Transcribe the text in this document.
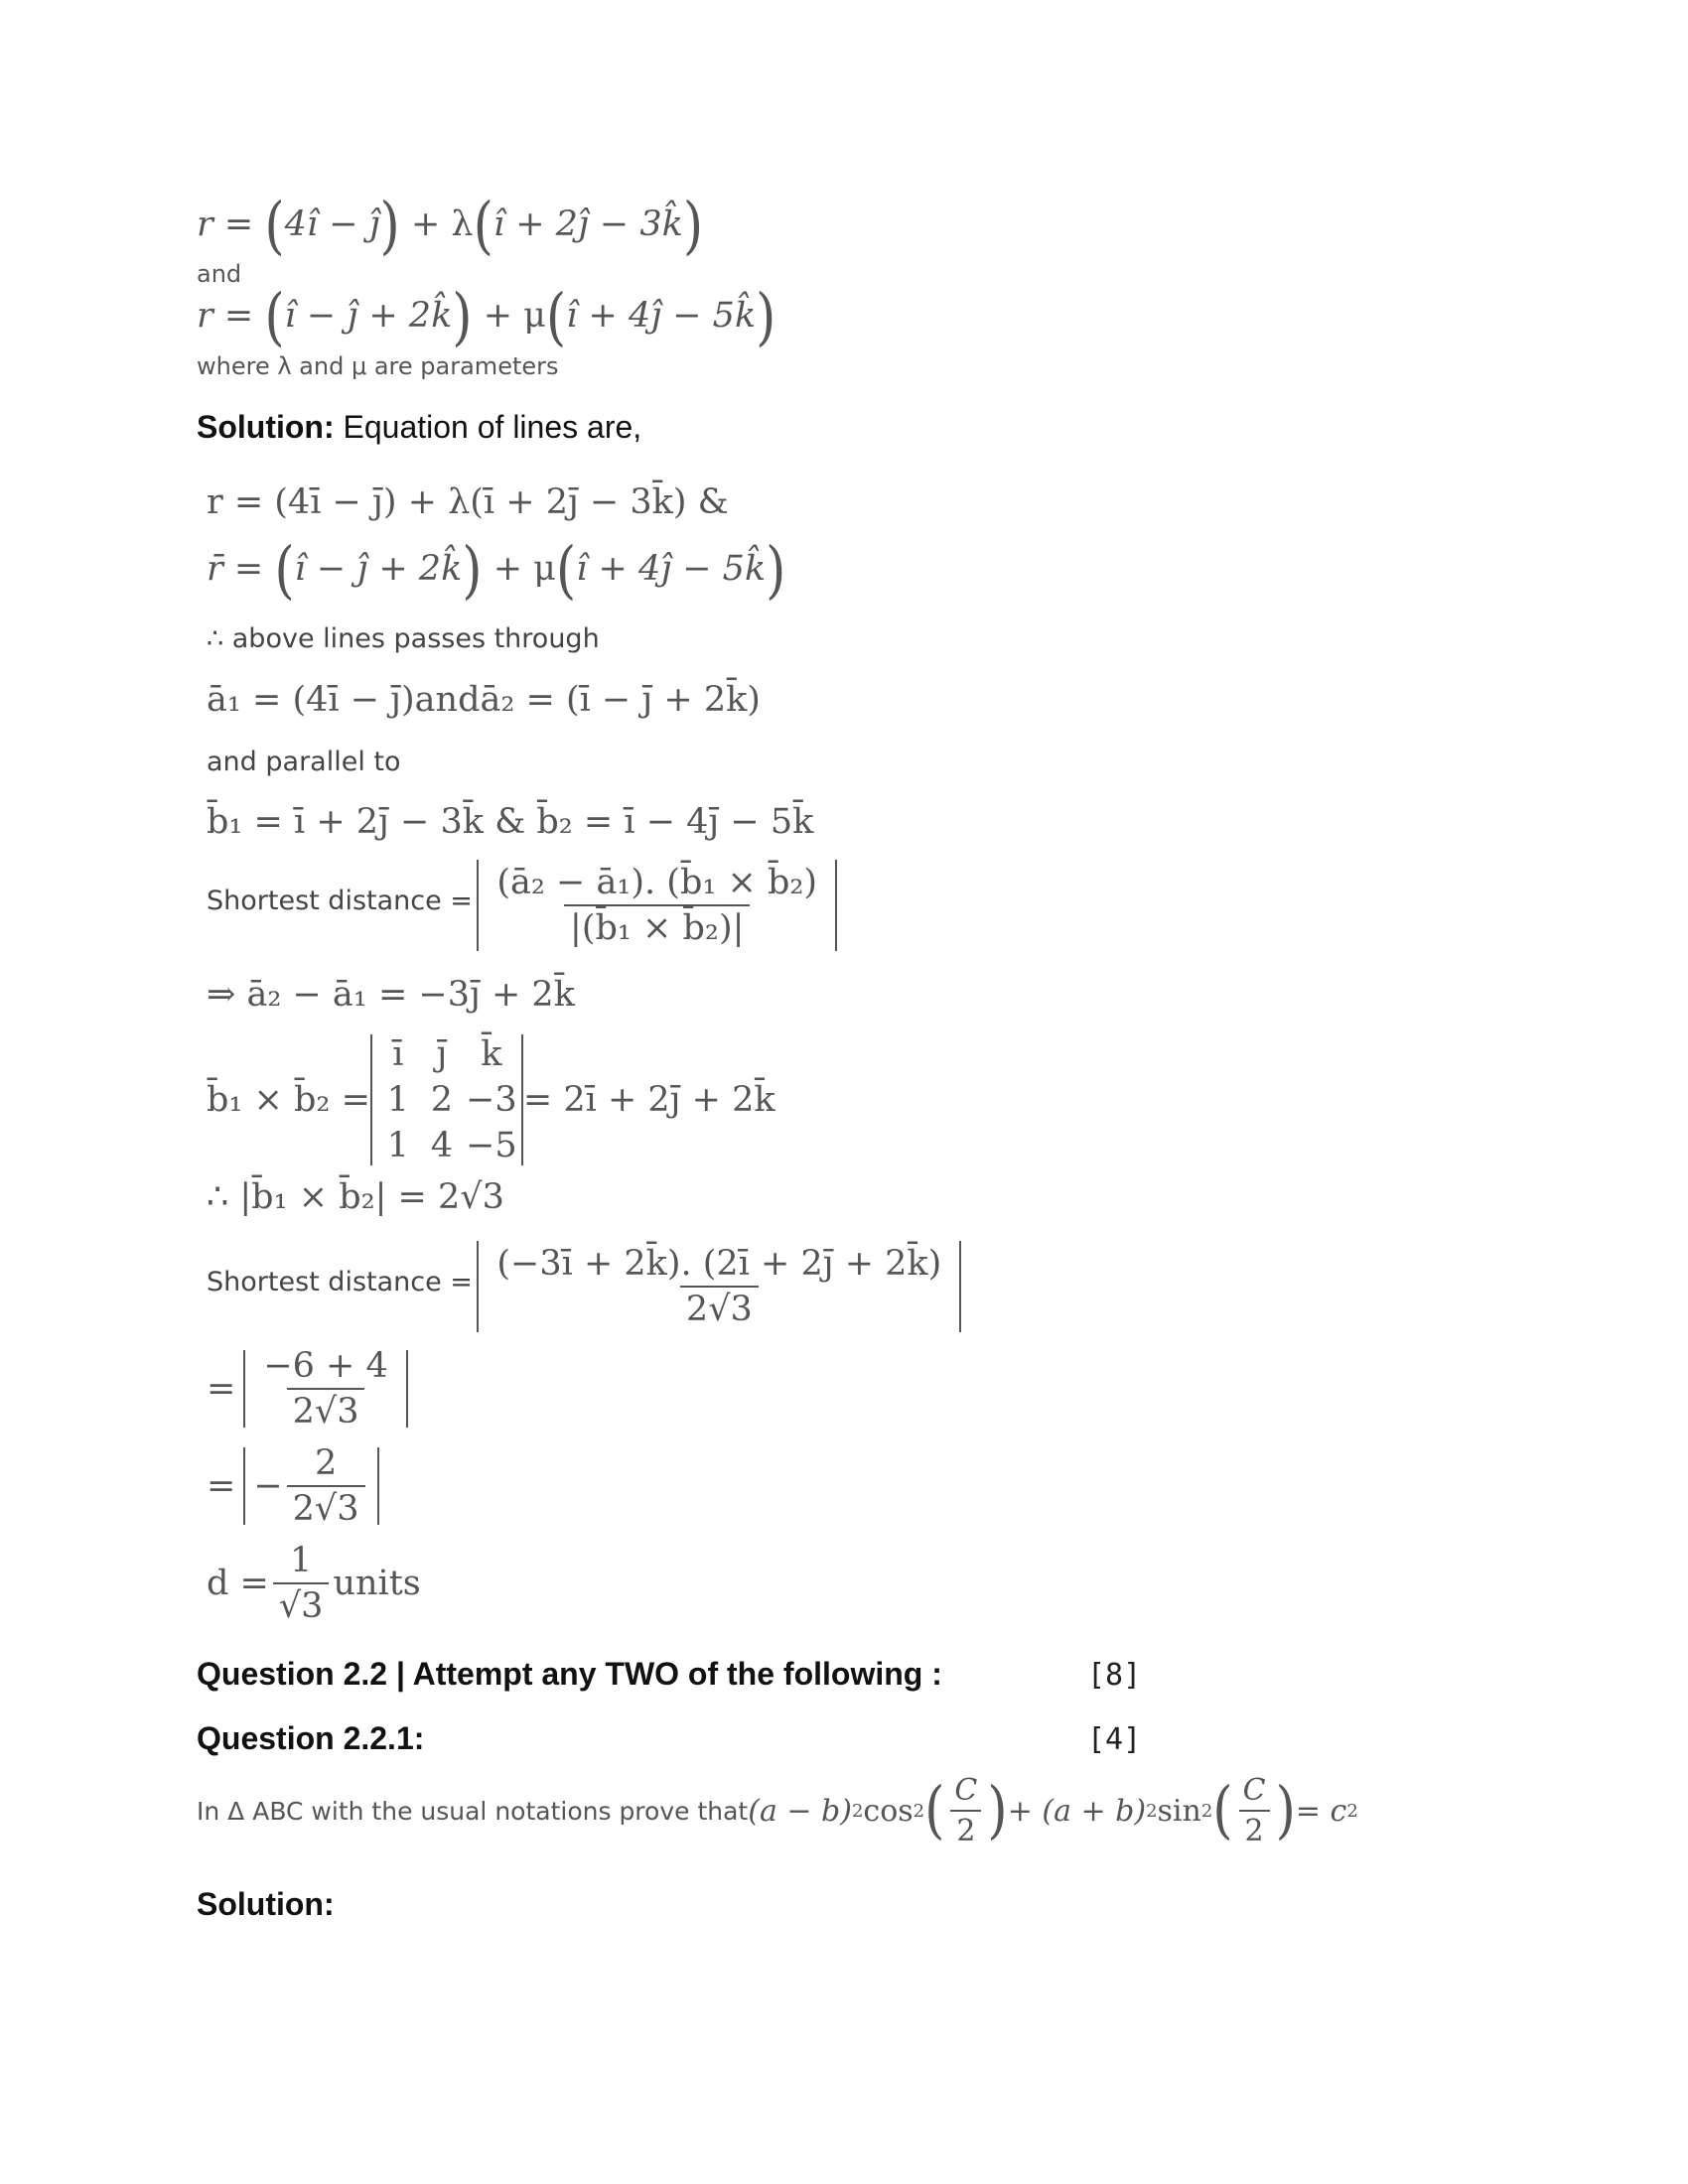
r = (4î − ĵ) + λ(î + 2ĵ − 3k̂)
and
r = (î − ĵ + 2k̂) + μ(î + 4ĵ − 5k̂)
where λ and μ are parameters
Solution: Equation of lines are,
r = (4ī − j̄) + λ(ī + 2j̄ − 3k̄) &
r̄ = (î − ĵ + 2k̂) + μ(î + 4ĵ − 5k̂)
∴ above lines passes through
ā₁ = (4ī − j̄)andā₂ = (ī − j̄ + 2k̄)
and parallel to
b̄₁ = ī + 2j̄ − 3k̄ & b̄₂ = ī − 4j̄ − 5k̄
Shortest distance = $\frac{\text{(ā₂ − ā₁). (b̄₁ × b̄₂)}}{\text{|(b̄₁ × b̄₂)|}}$
⇒ ā₂ − ā₁ = −3j̄ + 2k̄
b̄₁ × b̄₂ =
ī j̄ k̄
1 2 −3
1 4 −5
= 2ī + 2j̄ + 2k̄
∴ |b̄₁ × b̄₂| = 2√3
Shortest distance = $\frac{(-3ī + 2k̄). (2ī + 2j̄ + 2k̄)}{2√3}$
= $\frac{-6 + 4}{2√3}$
= − $\frac{2}{2√3}$
$d = \frac{1}{√3}$ units
Question 2.2 | Attempt any TWO of the following :	[8]
Question 2.2.1:	[4]
In Δ ABC with the usual notations prove that (a − b) 2 cos 2 ( $\frac{C}{2}$ ) + (a + b) 2 sin 2 ( $\frac{C}{2}$ ) = c 2
Solution:
